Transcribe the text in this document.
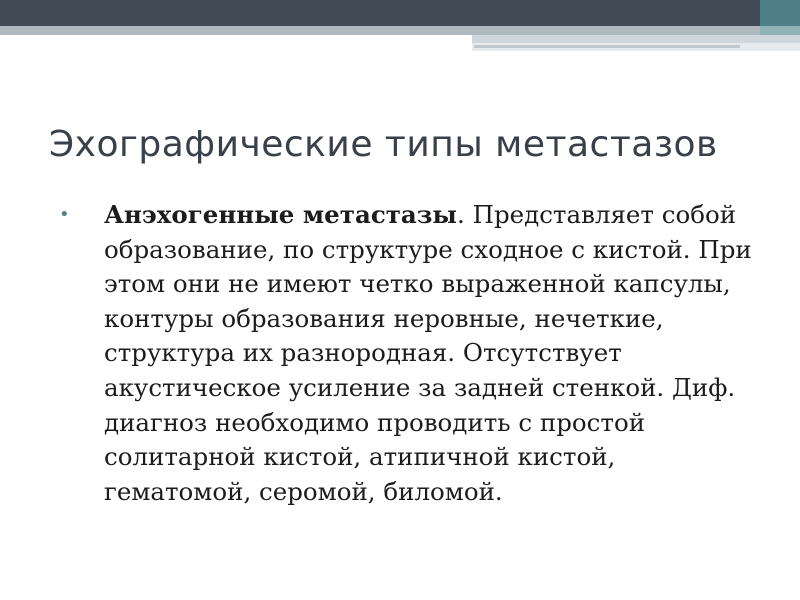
Эхографические типы метастазов
• Анэхогенные метастазы. Представляет собой образование, по структуре сходное с кистой. При этом они не имеют четко выраженной капсулы, контуры образования неровные, нечеткие, структура их разнородная. Отсутствует акустическое усиление за задней стенкой. Диф. диагноз необходимо проводить с простой солитарной кистой, атипичной кистой, гематомой, серомой, биломой.
